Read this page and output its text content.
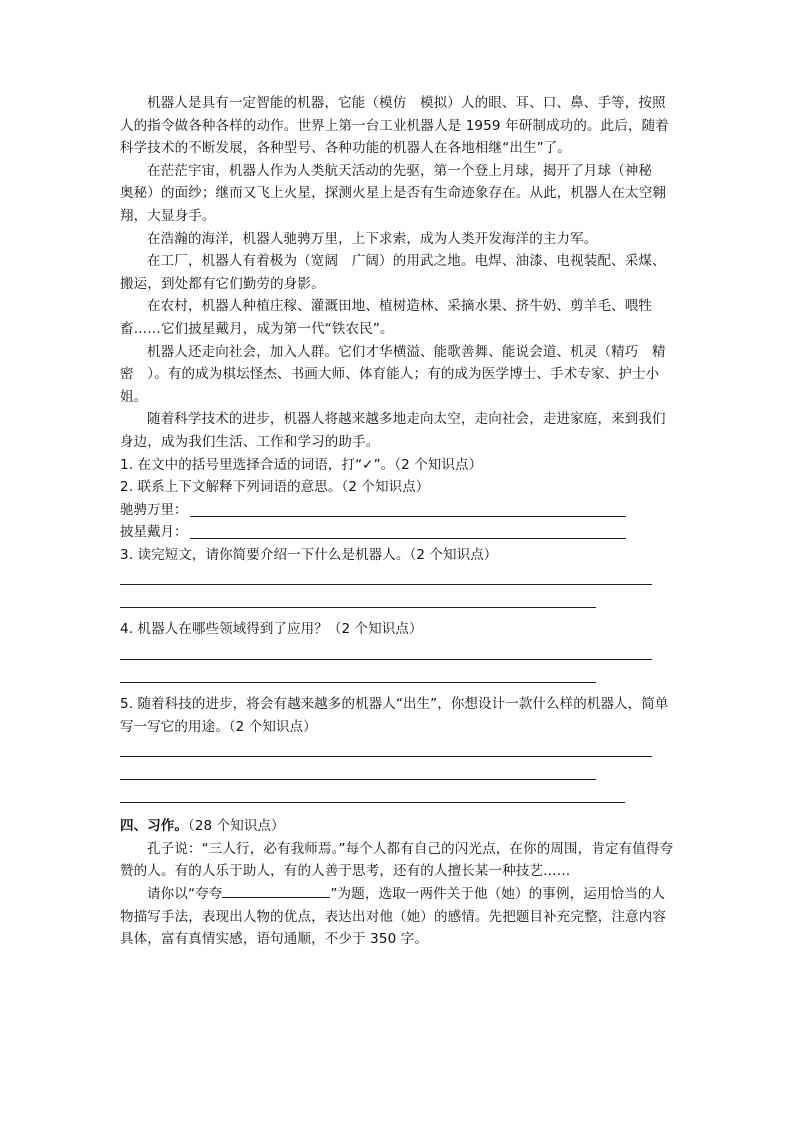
机器人是具有一定智能的机器，它能（模仿　模拟）人的眼、耳、口、鼻、手等，按照人的指令做各种各样的动作。世界上第一台工业机器人是 1959 年研制成功的。此后，随着科学技术的不断发展，各种型号、各种功能的机器人在各地相继“出生”了。

在茫茫宇宙，机器人作为人类航天活动的先驱，第一个登上月球，揭开了月球（神秘　奥秘）的面纱；继而又飞上火星，探测火星上是否有生命迹象存在。从此，机器人在太空翱翔，大显身手。

在浩瀚的海洋，机器人驰骋万里，上下求索，成为人类开发海洋的主力军。

在工厂，机器人有着极为（宽阔　广阔）的用武之地。电焊、油漆、电视装配、采煤、搬运，到处都有它们勤劳的身影。

在农村，机器人种植庄稼、灌溉田地、植树造林、采摘水果、挤牛奶、剪羊毛、喂牲畜……它们披星戴月，成为第一代“铁农民”。

机器人还走向社会，加入人群。它们才华横溢、能歌善舞、能说会道、机灵（精巧　精密　）。有的成为棋坛怪杰、书画大师、体育能人；有的成为医学博士、手术专家、护士小姐。

随着科学技术的进步，机器人将越来越多地走向太空，走向社会，走进家庭，来到我们身边，成为我们生活、工作和学习的助手。

1. 在文中的括号里选择合适的词语，打“✓”。（2 个知识点）

2. 联系上下文解释下列词语的意思。（2 个知识点）

驰骋万里：
披星戴月：

3. 读完短文，请你简要介绍一下什么是机器人。（2 个知识点）

4. 机器人在哪些领域得到了应用？（2 个知识点）

5. 随着科技的进步，将会有越来越多的机器人“出生”，你想设计一款什么样的机器人，简单写一写它的用途。（2 个知识点）

四、习作。（28 个知识点）

孔子说：“三人行，必有我师焉。”每个人都有自己的闪光点，在你的周围，肯定有值得夸赞的人。有的人乐于助人，有的人善于思考，还有的人擅长某一种技艺……

请你以“夸夸	”为题，选取一两件关于他（她）的事例，运用恰当的人物描写手法，表现出人物的优点，表达出对他（她）的感情。先把题目补充完整，注意内容具体，富有真情实感，语句通顺，不少于 350 字。
